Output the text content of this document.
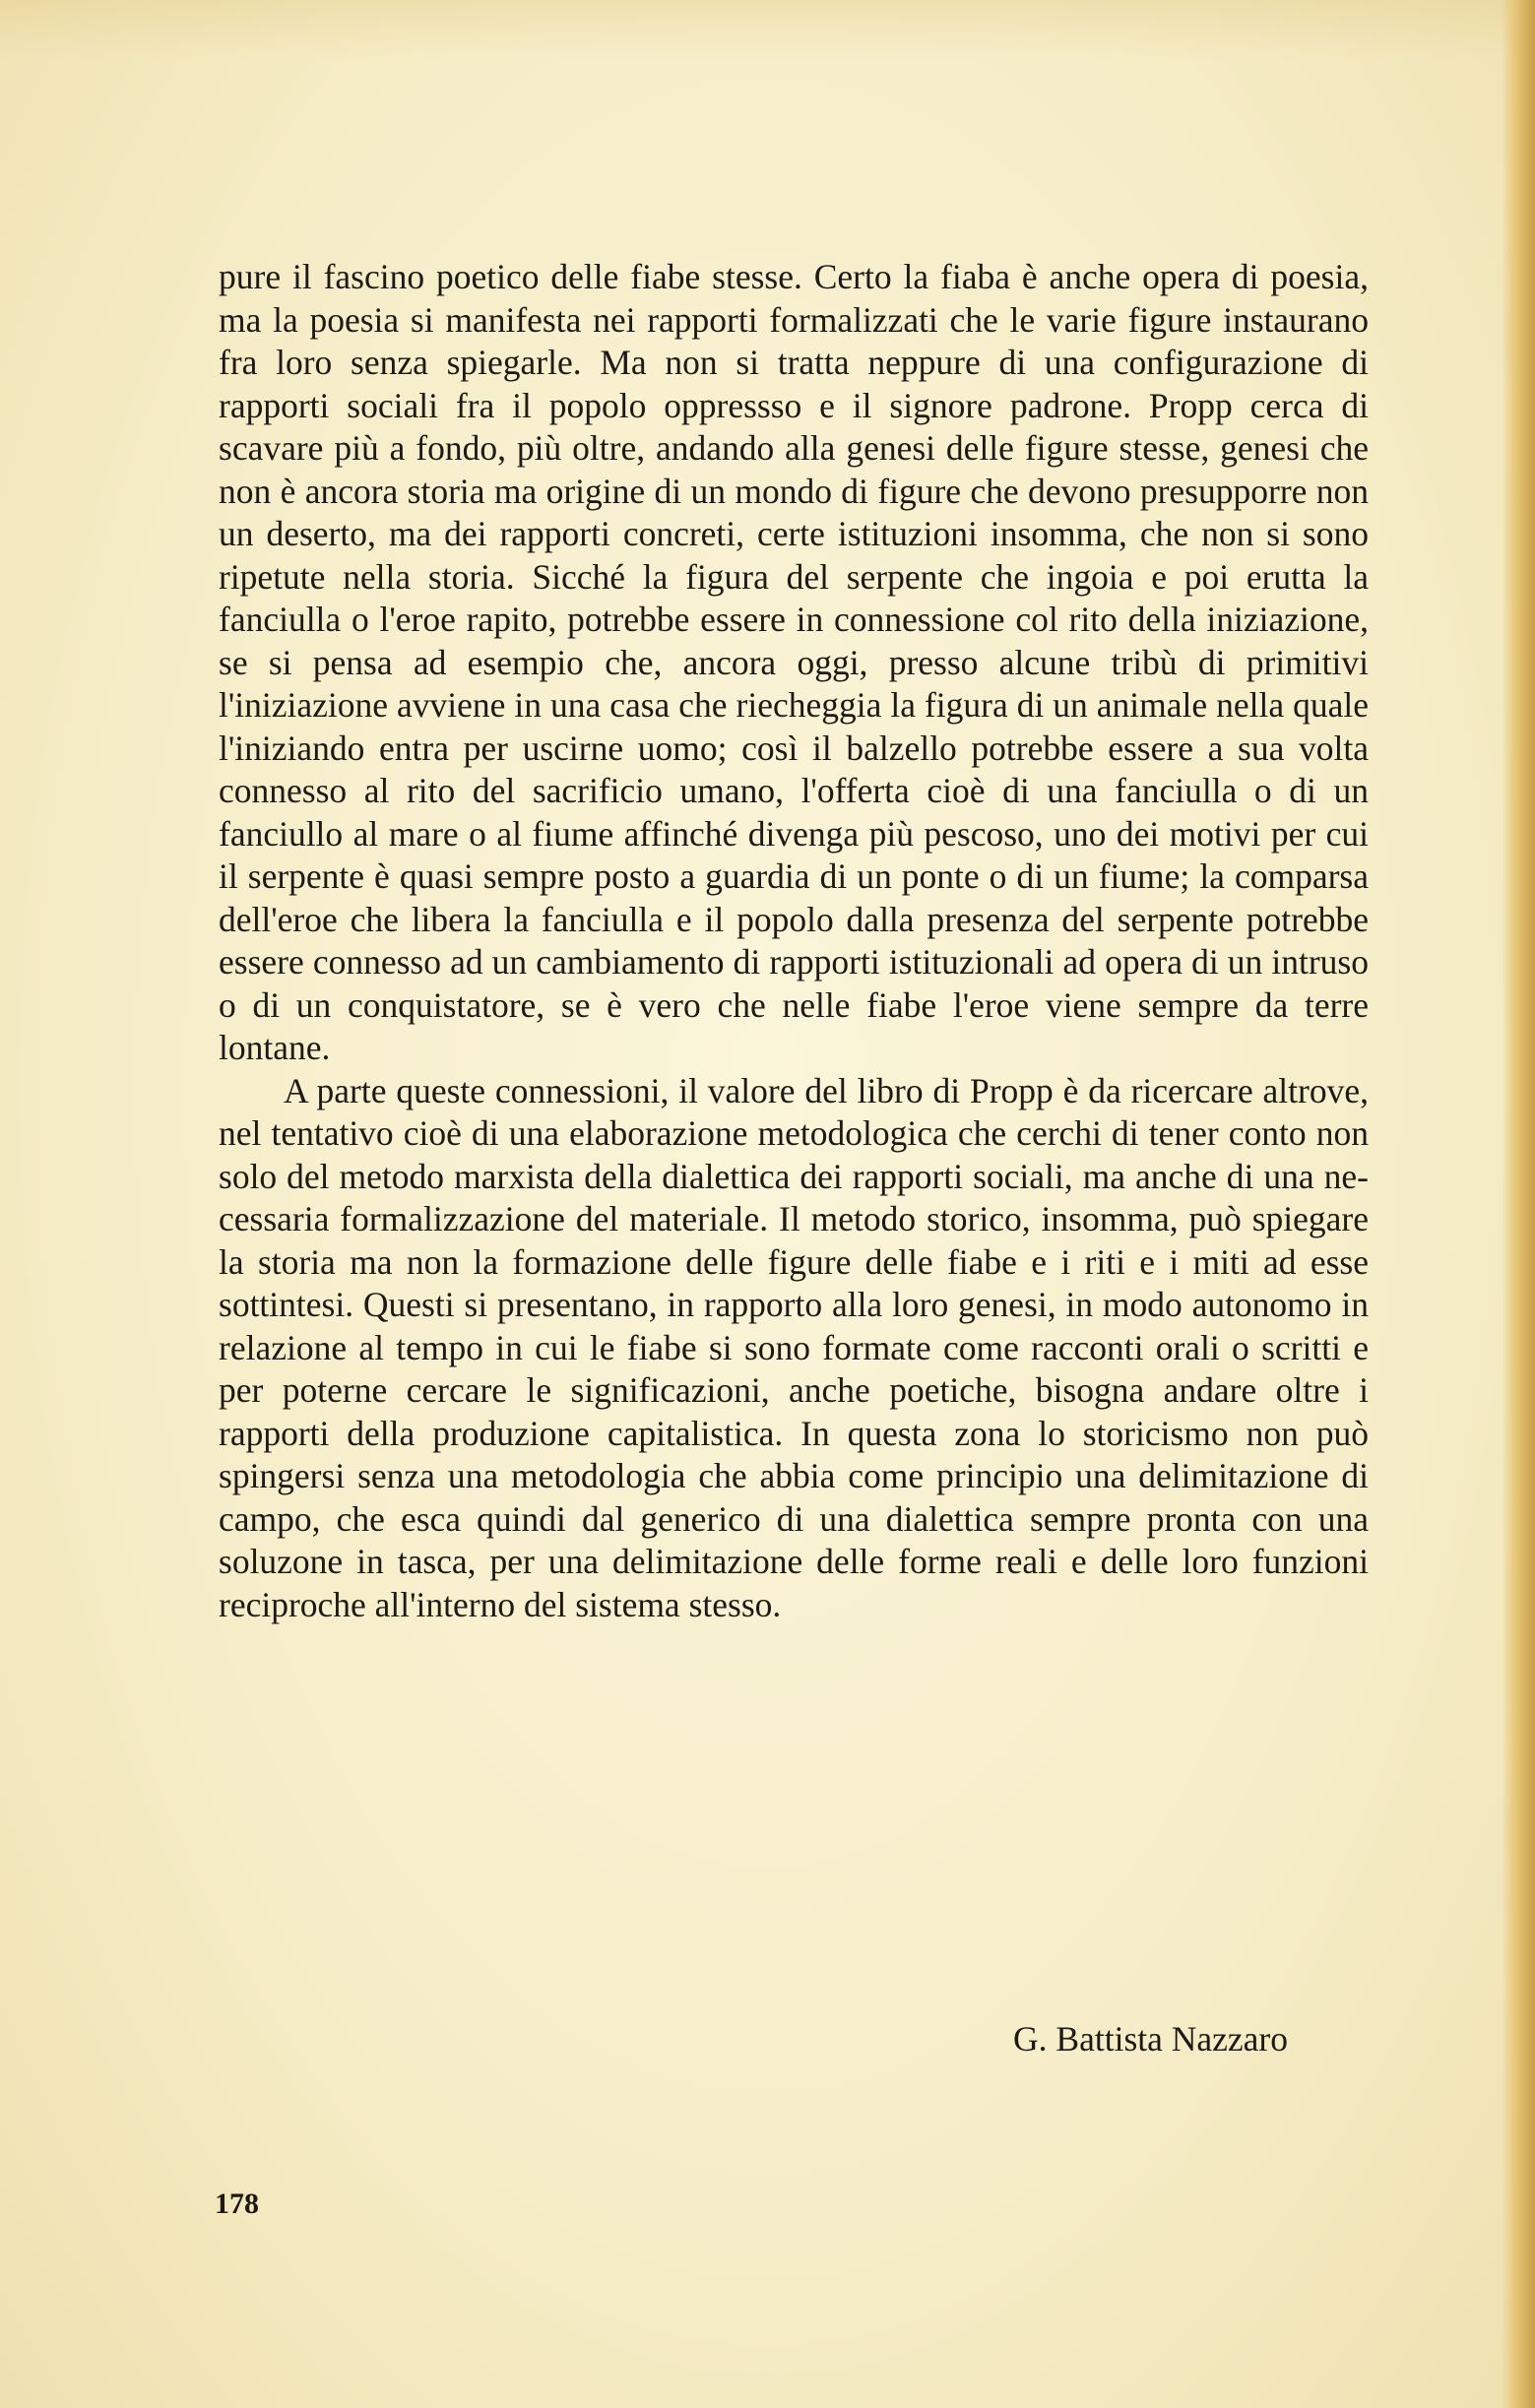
pure il fascino poetico delle fiabe stesse. Certo la fiaba è anche opera di poesia, ma la poesia si manifesta nei rapporti formalizzati che le varie figure instaurano fra loro senza spiegarle. Ma non si tratta neppure di una configurazione di rapporti sociali fra il popolo oppressso e il signore padrone. Propp cerca di scavare più a fondo, più oltre, andando alla genesi delle figure stesse, genesi che non è ancora storia ma origine di un mondo di figure che devono presupporre non un deserto, ma dei rapporti concreti, certe istituzioni insomma, che non si sono ripetute nella storia. Sicché la figura del serpente che ingoia e poi erutta la fanciulla o l'eroe rapito, potrebbe essere in connessione col rito della iniziazione, se si pensa ad esempio che, ancora oggi, presso alcune tribù di primitivi l'iniziazione avviene in una casa che riecheggia la figura di un animale nella quale l'iniziando entra per uscirne uomo; così il balzello potrebbe essere a sua volta connesso al rito del sacrificio umano, l'offerta cioè di una fanciulla o di un fanciullo al mare o al fiume affinché divenga più pescoso, uno dei motivi per cui il serpente è quasi sempre posto a guardia di un ponte o di un fiume; la comparsa dell'eroe che libera la fanciulla e il popolo dalla presenza del serpente potrebbe essere connesso ad un cambiamento di rapporti istituzionali ad opera di un intruso o di un conquistatore, se è vero che nelle fiabe l'eroe viene sempre da terre lontane.

A parte queste connessioni, il valore del libro di Propp è da ricercare altrove, nel tentativo cioè di una elaborazione metodologica che cerchi di tener conto non solo del metodo marxista della dialettica dei rapporti sociali, ma anche di una necessaria formalizzazione del materiale. Il metodo storico, insomma, può spiegare la storia ma non la formazione delle figure delle fiabe e i riti e i miti ad esse sottintesi. Questi si presentano, in rapporto alla loro genesi, in modo autonomo in relazione al tempo in cui le fiabe si sono formate come racconti orali o scritti e per poterne cercare le significazioni, anche poetiche, bisogna andare oltre i rapporti della produzione capitalistica. In questa zona lo storicismo non può spingersi senza una metodologia che abbia come principio una delimitazione di campo, che esca quindi dal generico di una dialettica sempre pronta con una soluzone in tasca, per una delimitazione delle forme reali e delle loro funzioni reciproche all'interno del sistema stesso.

G. Battista Nazzaro
178
